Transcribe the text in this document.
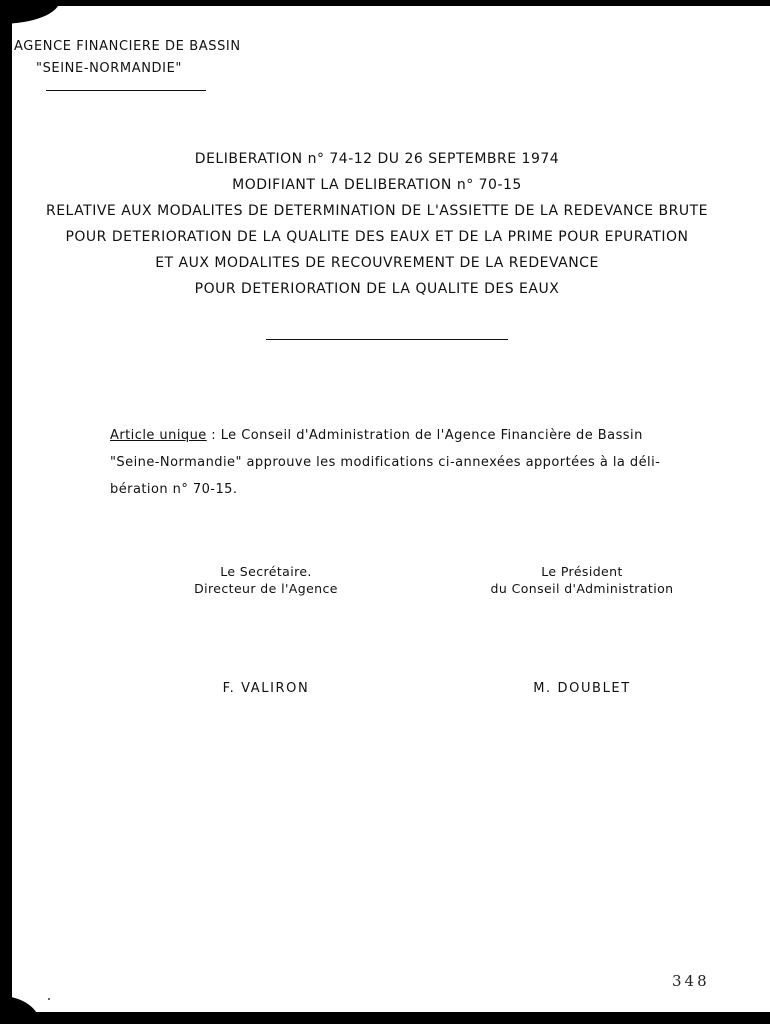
AGENCE FINANCIERE DE BASSIN
"SEINE-NORMANDIE"
DELIBERATION n° 74-12 DU 26 SEPTEMBRE 1974
MODIFIANT LA DELIBERATION n° 70-15
RELATIVE AUX MODALITES DE DETERMINATION DE L'ASSIETTE DE LA REDEVANCE BRUTE
POUR DETERIORATION DE LA QUALITE DES EAUX ET DE LA PRIME POUR EPURATION
ET AUX MODALITES DE RECOUVREMENT DE LA REDEVANCE
POUR DETERIORATION DE LA QUALITE DES EAUX
Article unique : Le Conseil d'Administration de l'Agence Financière de Bassin
"Seine-Normandie" approuve les modifications ci-annexées apportées à la déli-
bération n° 70-15.
Le Secrétaire.
Directeur de l'Agence
Le Président
du Conseil d'Administration
F. VALIRON	M. DOUBLET
348
